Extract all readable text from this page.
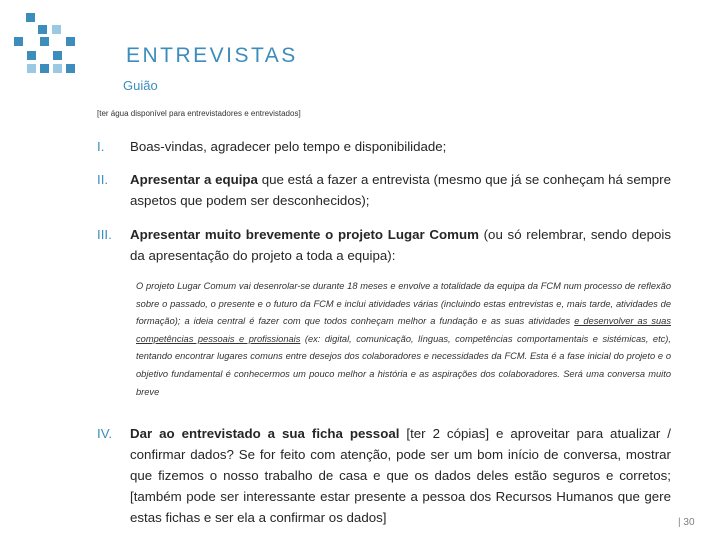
ENTREVISTAS

Guião

[ter água disponível para entrevistadores e entrevistados]

I. Boas-vindas, agradecer pelo tempo e disponibilidade;
II. Apresentar a equipa que está a fazer a entrevista (mesmo que já se conheçam há sempre aspetos que podem ser desconhecidos);
III. Apresentar muito brevemente o projeto Lugar Comum (ou só relembrar, sendo depois da apresentação do projeto a toda a equipa):

O projeto Lugar Comum vai desenrolar-se durante 18 meses e envolve a totalidade da equipa da FCM num processo de reflexão sobre o passado, o presente e o futuro da FCM e inclui atividades várias (incluindo estas entrevistas e, mais tarde, atividades de formação); a ideia central é fazer com que todos conheçam melhor a fundação e as suas atividades e desenvolver as suas competências pessoais e profissionais (ex: digital, comunicação, línguas, competências comportamentais e sistémicas, etc), tentando encontrar lugares comuns entre desejos dos colaboradores e necessidades da FCM. Esta é a fase inicial do projeto e o objetivo fundamental é conhecermos um pouco melhor a história e as aspirações dos colaboradores. Será uma conversa muito breve

IV. Dar ao entrevistado a sua ficha pessoal [ter 2 cópias] e aproveitar para atualizar / confirmar dados? Se for feito com atenção, pode ser um bom início de conversa, mostrar que fizemos o nosso trabalho de casa e que os dados deles estão seguros e corretos; [também pode ser interessante estar presente a pessoa dos Recursos Humanos que gere estas fichas e ser ela a confirmar os dados]	| 30
